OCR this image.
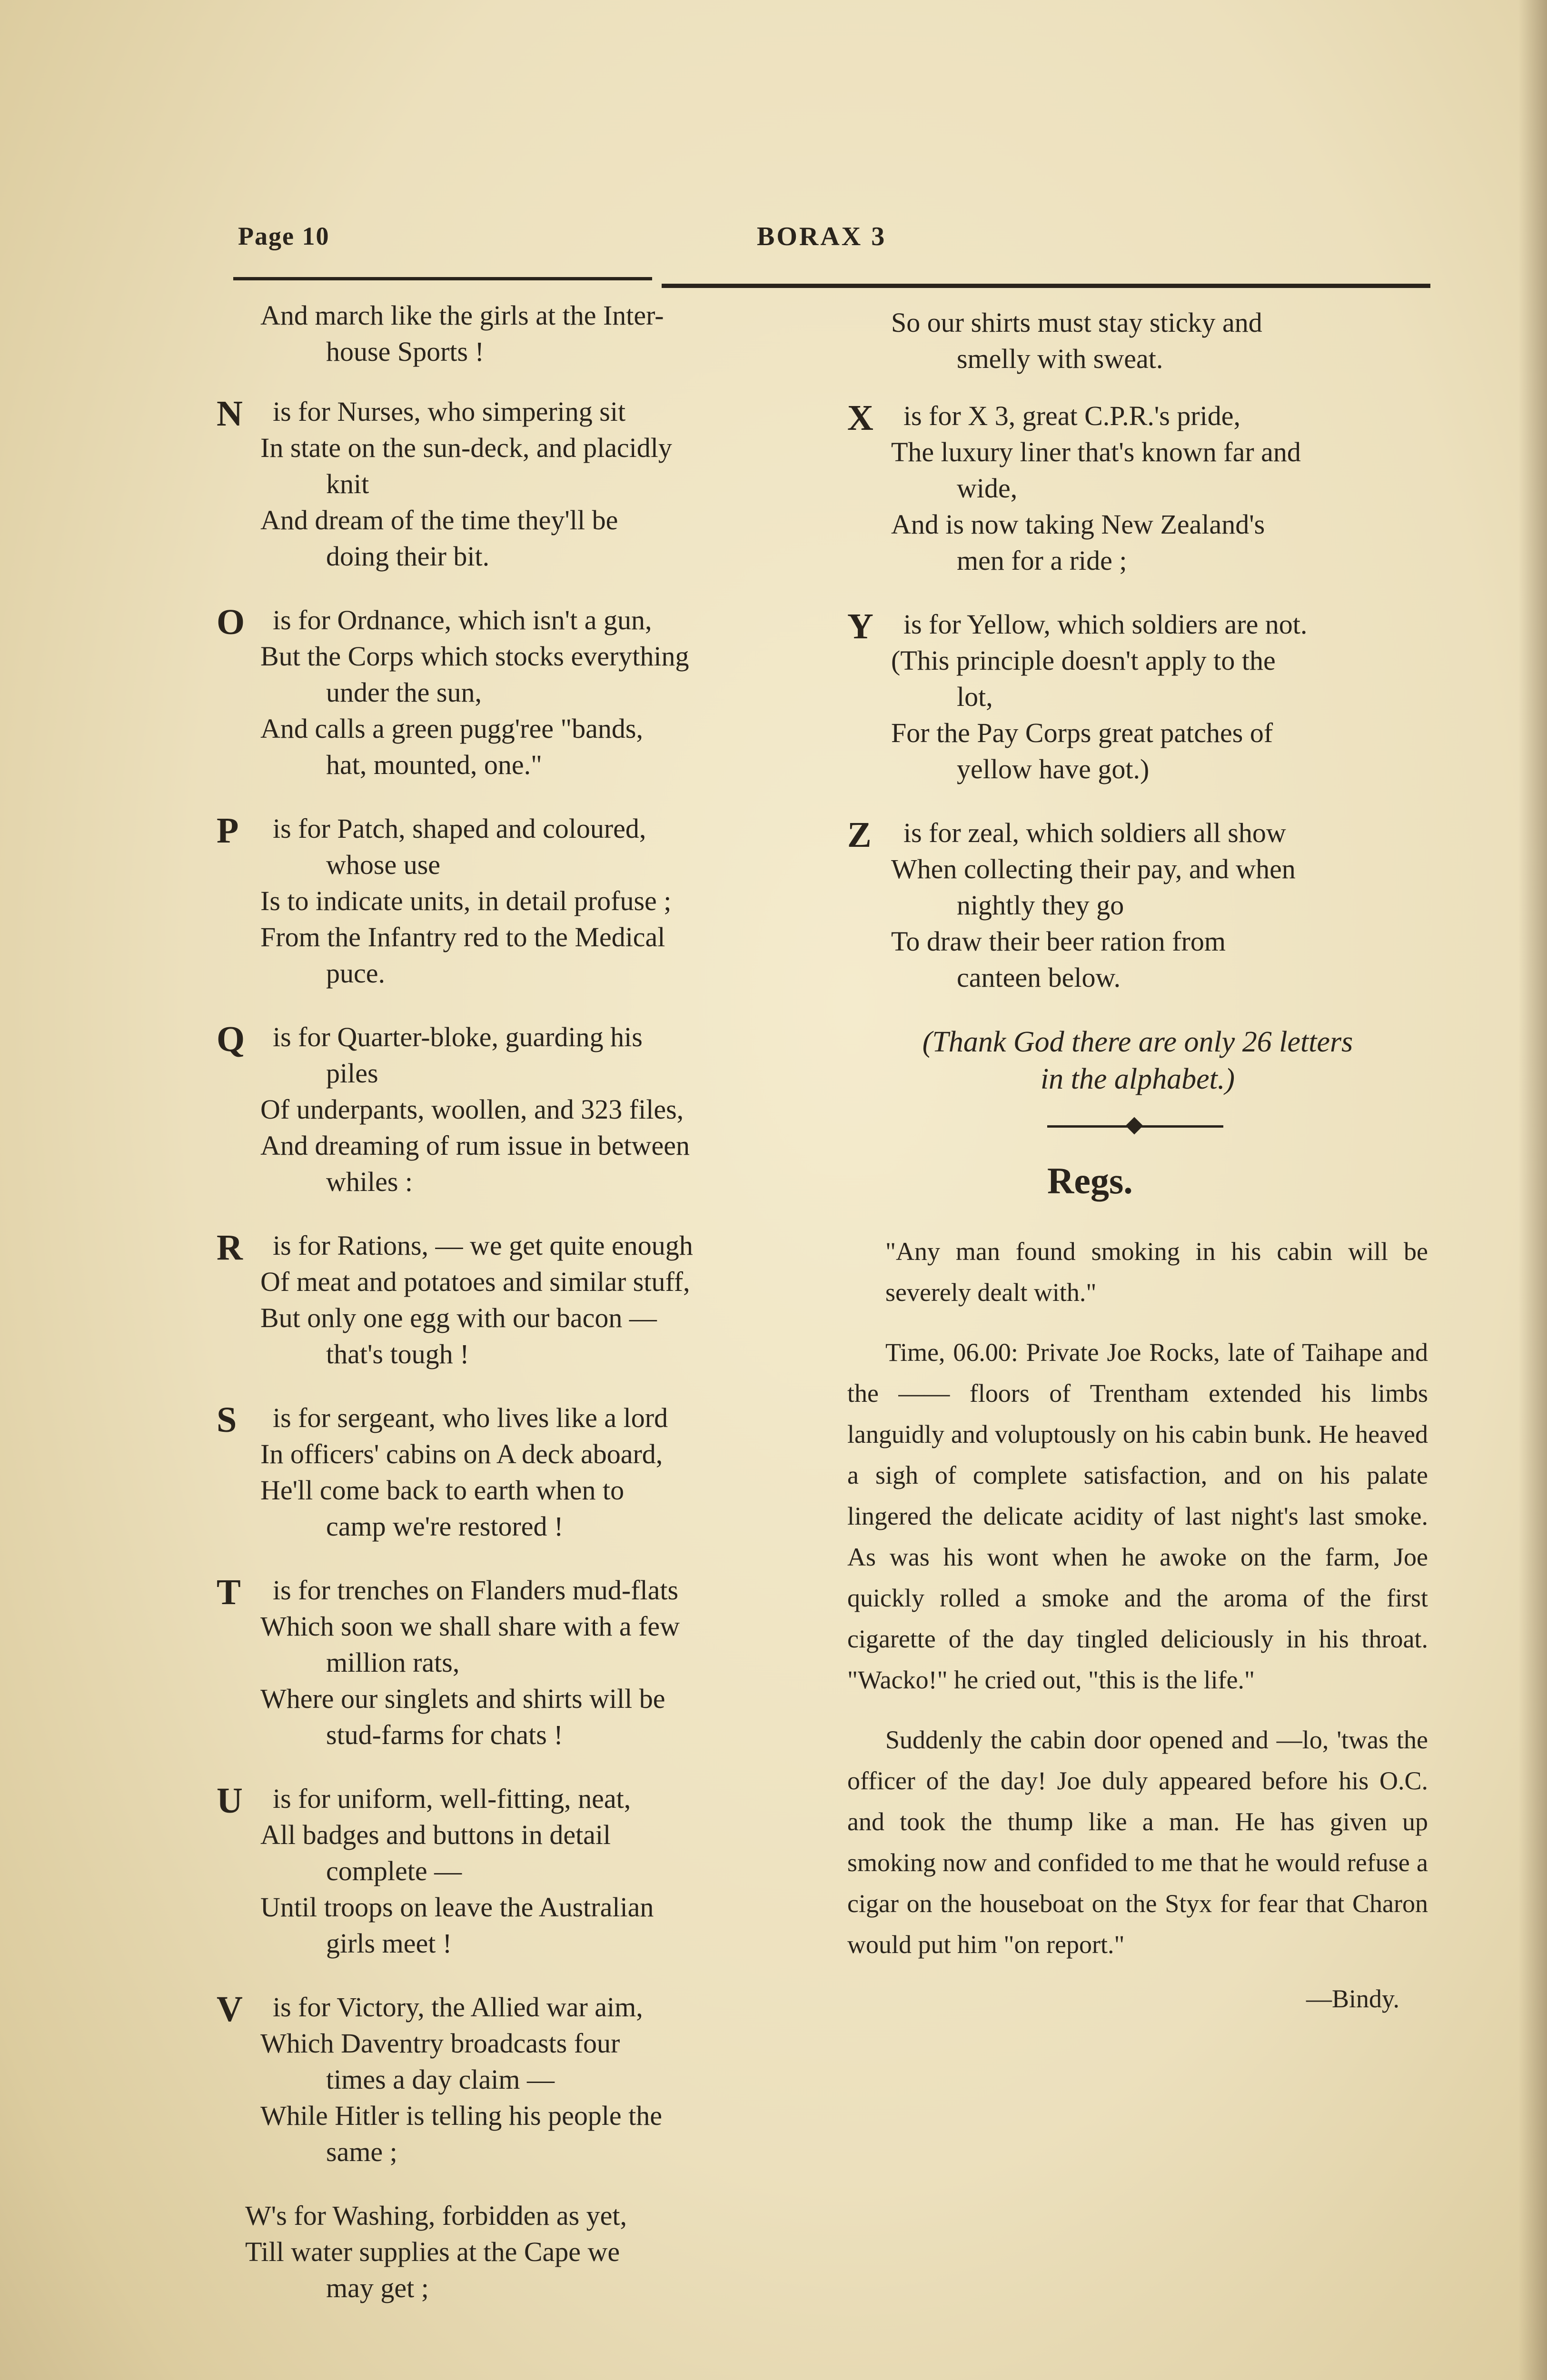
Page 10	BORAX 3

And march like the girls at the Inter-

house Sports !

N	is for Nurses, who simpering sit

In state on the sun-deck, and placidly

knit

And dream of the time they'll be

doing their bit.

O	is for Ordnance, which isn't a gun,

But the Corps which stocks everything

under the sun,

And calls a green pugg'ree "bands,

hat, mounted, one."

P	is for Patch, shaped and coloured,

whose use

Is to indicate units, in detail profuse ;

From the Infantry red to the Medical

puce.

Q	is for Quarter-bloke, guarding his

piles

Of underpants, woollen, and 323 files,

And dreaming of rum issue in between

whiles :

R	is for Rations, — we get quite enough

Of meat and potatoes and similar stuff,

But only one egg with our bacon —

that's tough !

S	is for sergeant, who lives like a lord

In officers' cabins on A deck aboard,

He'll come back to earth when to

camp we're restored !

T	is for trenches on Flanders mud-flats

Which soon we shall share with a few

million rats,

Where our singlets and shirts will be

stud-farms for chats !

U	is for uniform, well-fitting, neat,

All badges and buttons in detail

complete —

Until troops on leave the Australian

girls meet !

V	is for Victory, the Allied war aim,

Which Daventry broadcasts four

times a day claim —

While Hitler is telling his people the

same ;

W's for Washing, forbidden as yet,

Till water supplies at the Cape we

may get ;

So our shirts must stay sticky and

smelly with sweat.

X	is for X 3, great C.P.R.'s pride,

The luxury liner that's known far and

wide,

And is now taking New Zealand's

men for a ride ;

Y	is for Yellow, which soldiers are not.

(This principle doesn't apply to the

lot,

For the Pay Corps great patches of

yellow have got.)

Z	is for zeal, which soldiers all show

When collecting their pay, and when

nightly they go

To draw their beer ration from

canteen below.

(Thank God there are only 26 letters

in the alphabet.)

Regs.

"Any man found smoking in his cabin will be severely dealt with."

Time, 06.00: Private Joe Rocks, late of Taihape and the —— floors of Trentham extended his limbs languidly and voluptously on his cabin bunk. He heaved a sigh of complete satisfaction, and on his palate lingered the delicate acidity of last night's last smoke. As was his wont when he awoke on the farm, Joe quickly rolled a smoke and the aroma of the first cigarette of the day tingled deliciously in his throat. "Wacko!" he cried out, "this is the life."

Suddenly the cabin door opened and —lo, 'twas the officer of the day! Joe duly appeared before his O.C. and took the thump like a man. He has given up smoking now and confided to me that he would refuse a cigar on the houseboat on the Styx for fear that Charon would put him "on report."

—Bindy.
